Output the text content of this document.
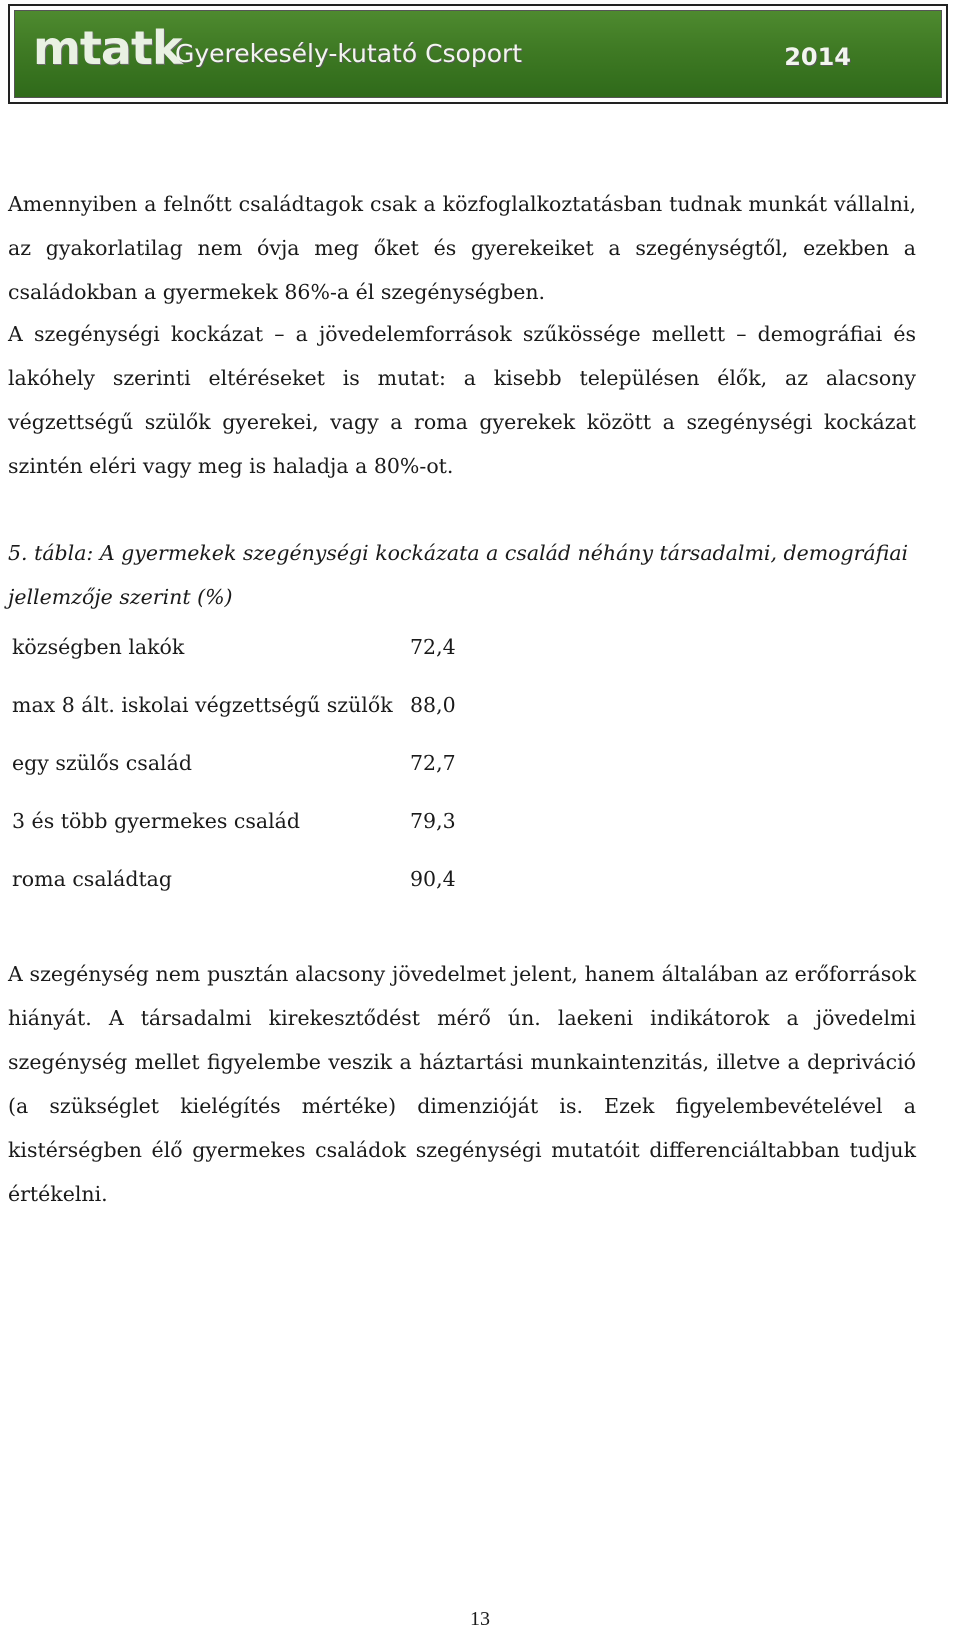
mtatk
Gyerekesély-kutató Csoport	2014
Amennyiben a felnőtt családtagok csak a közfoglalkoztatásban tudnak munkát vállalni, az gyakorlatilag nem óvja meg őket és gyerekeiket a szegénységtől, ezekben a családokban a gyermekek 86%-a él szegénységben.
A szegénységi kockázat – a jövedelemforrások szűkössége mellett – demográfiai és lakóhely szerinti eltéréseket is mutat: a kisebb településen élők, az alacsony végzettségű szülők gyerekei, vagy a roma gyerekek között a szegénységi kockázat szintén eléri vagy meg is haladja a 80%-ot.
5. tábla: A gyermekek szegénységi kockázata a család néhány társadalmi, demográfiai jellemzője szerint (%)
községben lakók	72,4
max 8 ált. iskolai végzettségű szülők 88,0
egy szülős család	72,7
3 és több gyermekes család	79,3
roma családtag	90,4
A szegénység nem pusztán alacsony jövedelmet jelent, hanem általában az erőforrások hiányát. A társadalmi kirekesztődést mérő ún. laekeni indikátorok a jövedelmi szegénység mellet figyelembe veszik a háztartási munkaintenzitás, illetve a depriváció (a szükséglet kielégítés mértéke) dimenzióját is. Ezek figyelembevételével a kistérségben élő gyermekes családok szegénységi mutatóit differenciáltabban tudjuk értékelni.
13
